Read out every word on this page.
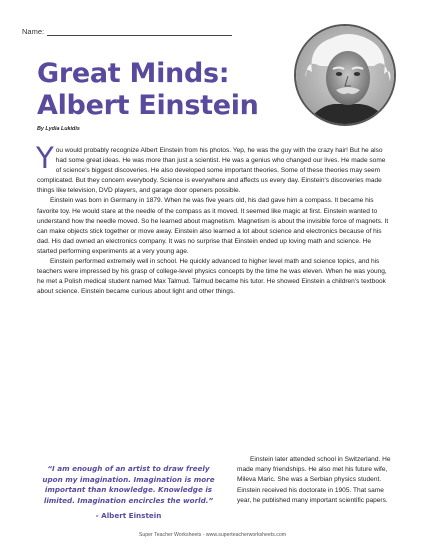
Name:
Great Minds:
Albert Einstein
By Lydia Lukidis

You would probably recognize Albert Einstein from his photos. Yep, he was the guy with the crazy hair! But he also had some great ideas. He was more than just a scientist. He was a genius who changed our lives. He made some of science's biggest discoveries. He also developed some important theories. Some of these theories may seem complicated. But they concern everybody. Science is everywhere and affects us every day. Einstein's discoveries made things like television, DVD players, and garage door openers possible.

Einstein was born in Germany in 1879. When he was five years old, his dad gave him a compass. It became his favorite toy. He would stare at the needle of the compass as it moved. It seemed like magic at first. Einstein wanted to understand how the needle moved. So he learned about magnetism. Magnetism is about the invisible force of magnets. It can make objects stick together or move away. Einstein also learned a lot about science and electronics because of his dad. His dad owned an electronics company. It was no surprise that Einstein ended up loving math and science. He started performing experiments at a very young age.

Einstein performed extremely well in school. He quickly advanced to higher level math and science topics, and his teachers were impressed by his grasp of college-level physics concepts by the time he was eleven. When he was young, he met a Polish medical student named Max Talmud. Talmud became his tutor. He showed Einstein a children's textbook about science. Einstein became curious about light and other things.

“I am enough of an artist to draw freely upon my imagination. Imagination is more important than knowledge. Knowledge is limited. Imagination encircles the world.”
- Albert Einstein

Einstein later attended school in Switzerland. He made many friendships. He also met his future wife, Mileva Maric. She was a Serbian physics student. Einstein received his doctorate in 1905. That same year, he published many important scientific papers.

Super Teacher Worksheets - www.superteacherworksheets.com
